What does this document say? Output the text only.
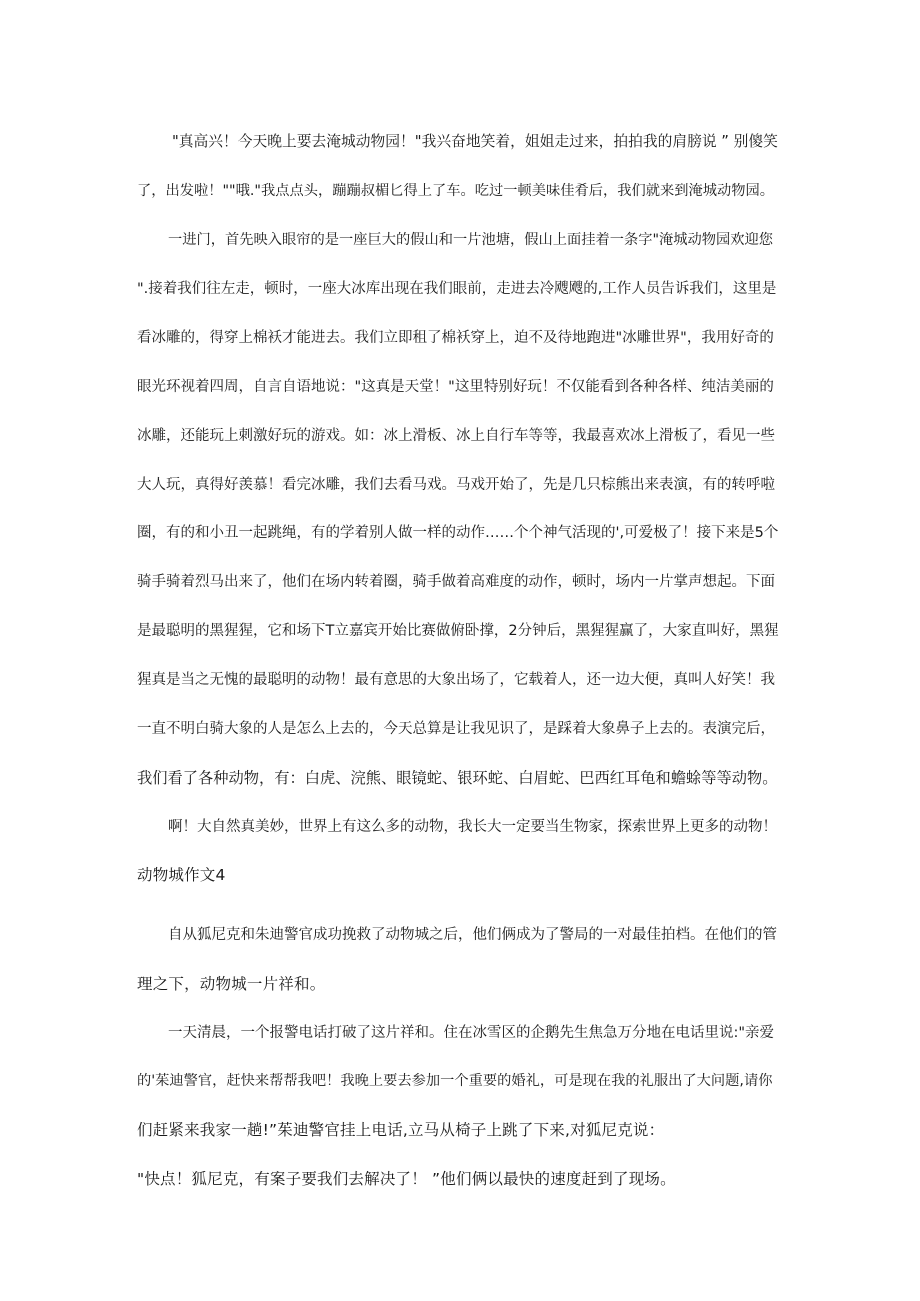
"真高兴！今天晚上要去淹城动物园！"我兴奋地笑着，姐姐走过来，拍拍我的肩膀说 ” 别傻笑
了，出发啦！""哦."我点点头，蹦蹦叔楣匕得上了车。吃过一顿美味佳肴后，我们就来到淹城动物园。
一进门，首先映入眼帘的是一座巨大的假山和一片池塘，假山上面挂着一条字"淹城动物园欢迎您
".接着我们往左走，顿时，一座大冰库出现在我们眼前，走进去冷飕飕的,工作人员告诉我们，这里是
看冰雕的，得穿上棉袄才能进去。我们立即租了棉袄穿上，迫不及待地跑进"冰雕世界"，我用好奇的
眼光环视着四周，自言自语地说："这真是天堂！"这里特别好玩！不仅能看到各种各样、纯洁美丽的
冰雕，还能玩上刺激好玩的游戏。如：冰上滑板、冰上自行车等等，我最喜欢冰上滑板了，看见一些
大人玩，真得好羡慕！看完冰雕，我们去看马戏。马戏开始了，先是几只棕熊出来表演，有的转呼啦
圈，有的和小丑一起跳绳，有的学着别人做一样的动作……个个神气活现的',可爱极了！接下来是5个
骑手骑着烈马出来了，他们在场内转着圈，骑手做着高难度的动作，顿时，场内一片掌声想起。下面
是最聪明的黑猩猩，它和场下T立嘉宾开始比赛做俯卧撑，2分钟后，黑猩猩赢了，大家直叫好，黑猩
猩真是当之无愧的最聪明的动物！最有意思的大象出场了，它载着人，还一边大便，真叫人好笑！我
一直不明白骑大象的人是怎么上去的，今天总算是让我见识了，是踩着大象鼻子上去的。表演完后，
我们看了各种动物，有：白虎、浣熊、眼镜蛇、银环蛇、白眉蛇、巴西红耳龟和蟾蜍等等动物。
啊！大自然真美妙，世界上有这么多的动物，我长大一定要当生物家，探索世界上更多的动物！
动物城作文4
自从狐尼克和朱迪警官成功挽救了动物城之后，他们俩成为了警局的一对最佳拍档。在他们的管
理之下，动物城一片祥和。
一天清晨，一个报警电话打破了这片祥和。住在冰雪区的企鹅先生焦急万分地在电话里说:"亲爱
的'茱迪警官，赶快来帮帮我吧！我晚上要去参加一个重要的婚礼，可是现在我的礼服出了大问题,请你
们赶紧来我家一趟!”茱迪警官挂上电话,立马从椅子上跳了下来,对狐尼克说：
"快点！狐尼克，有案子要我们去解决了！ ”他们俩以最快的速度赶到了现场。
